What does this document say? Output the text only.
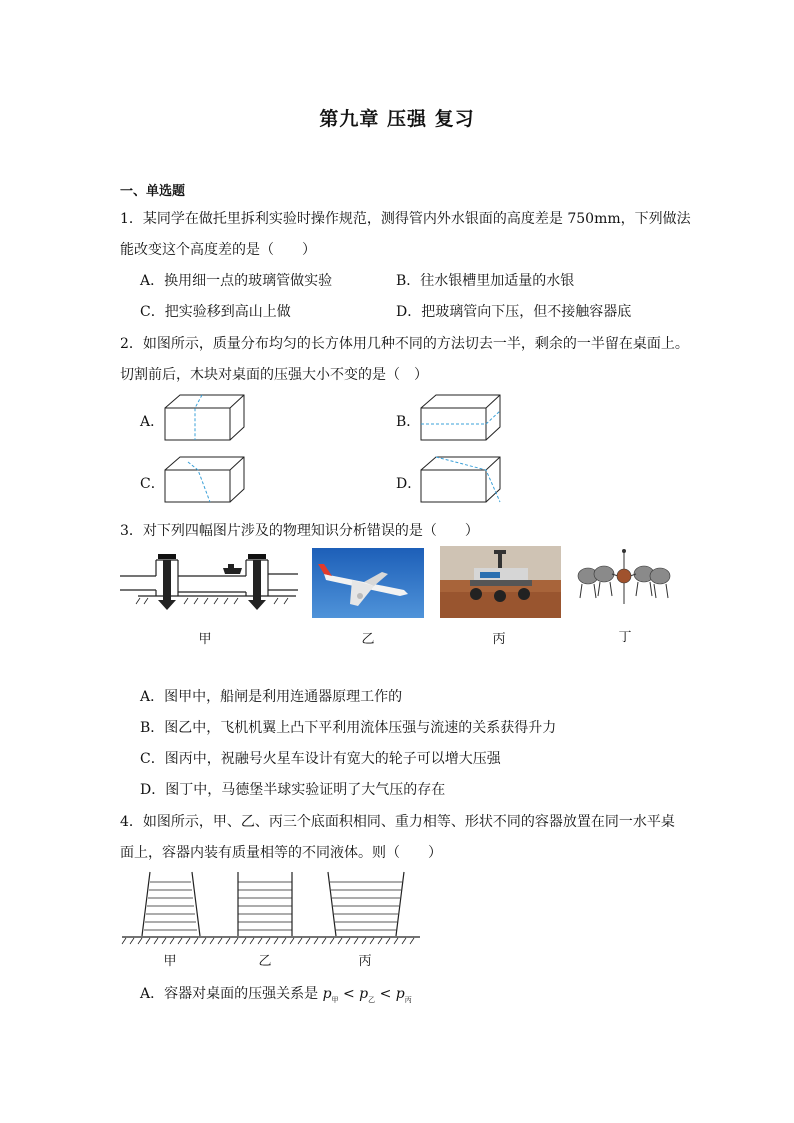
第九章 压强 复习
一、单选题
1．某同学在做托里拆利实验时操作规范，测得管内外水银面的高度差是 750mm，下列做法
能改变这个高度差的是（　　）
A．换用细一点的玻璃管做实验	B．往水银槽里加适量的水银
C．把实验移到高山上做	D．把玻璃管向下压，但不接触容器底
2．如图所示，质量分布均匀的长方体用几种不同的方法切去一半，剩余的一半留在桌面上。
切割前后，木块对桌面的压强大小不变的是（　）
A．	B．
C．	D．
3．对下列四幅图片涉及的物理知识分析错误的是（　　）
甲	乙	丙	丁
A．图甲中，船闸是利用连通器原理工作的
B．图乙中，飞机机翼上凸下平利用流体压强与流速的关系获得升力
C．图丙中，祝融号火星车设计有宽大的轮子可以增大压强
D．图丁中，马德堡半球实验证明了大气压的存在
4．如图所示，甲、乙、丙三个底面积相同、重力相等、形状不同的容器放置在同一水平桌
面上，容器内装有质量相等的不同液体。则（　　）
甲	乙	丙
A．容器对桌面的压强关系是 $p_甲 < p_乙 < p_丙$
